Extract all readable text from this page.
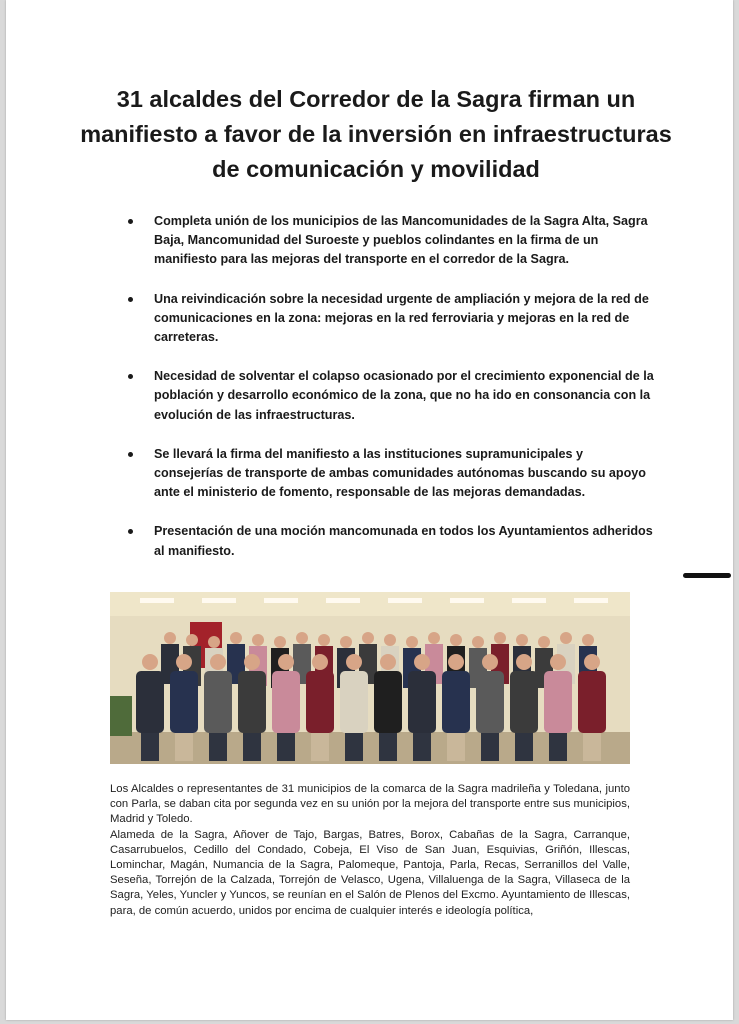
31 alcaldes del Corredor de la Sagra firman un manifiesto a favor de la inversión en infraestructuras de comunicación y movilidad
Completa unión de los municipios de las Mancomunidades de la Sagra Alta, Sagra Baja, Mancomunidad del Suroeste y pueblos colindantes en la firma de un manifiesto para las mejoras del transporte en el corredor de la Sagra.
Una reivindicación sobre la necesidad urgente de ampliación y mejora de la red de comunicaciones en la zona: mejoras en la red ferroviaria y mejoras en la red de carreteras.
Necesidad de solventar el colapso ocasionado por el crecimiento exponencial de la población y desarrollo económico de la zona, que no ha ido en consonancia con la evolución de las infraestructuras.
Se llevará la firma del manifiesto a las instituciones supramunicipales y consejerías de transporte de ambas comunidades autónomas buscando su apoyo ante el ministerio de fomento, responsable de las mejoras demandadas.
Presentación de una moción mancomunada en todos los Ayuntamientos adheridos al manifiesto.

Los Alcaldes o representantes de 31 municipios de la comarca de la Sagra madrileña y Toledana, junto con Parla, se daban cita por segunda vez en su unión por la mejora del transporte entre sus municipios, Madrid y Toledo.

Alameda de la Sagra, Añover de Tajo, Bargas, Batres, Borox, Cabañas de la Sagra, Carranque, Casarrubuelos, Cedillo del Condado, Cobeja, El Viso de San Juan, Esquivias, Griñón, Illescas, Lominchar, Magán, Numancia de la Sagra, Palomeque, Pantoja, Parla, Recas, Serranillos del Valle, Seseña, Torrejón de la Calzada, Torrejón de Velasco, Ugena, Villaluenga de la Sagra, Villaseca de la Sagra, Yeles, Yuncler y Yuncos, se reunían en el Salón de Plenos del Excmo. Ayuntamiento de Illescas, para, de común acuerdo, unidos por encima de cualquier interés e ideología política,
